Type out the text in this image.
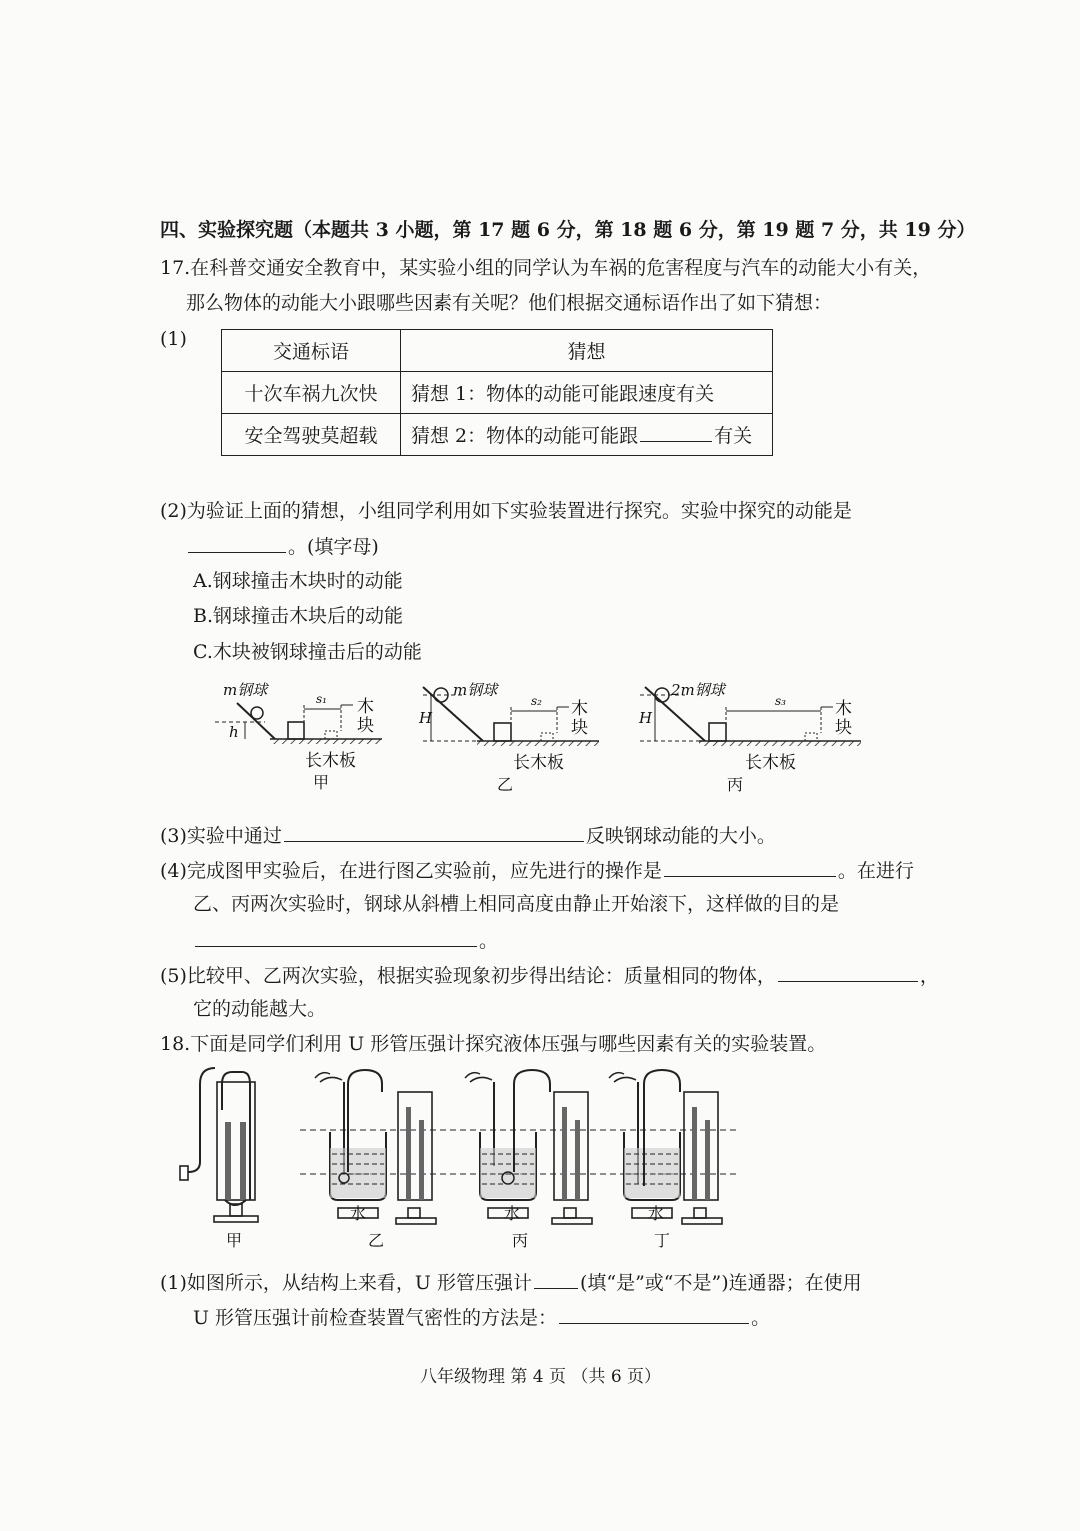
四、实验探究题（本题共 3 小题，第 17 题 6 分，第 18 题 6 分，第 19 题 7 分，共 19 分）
17.在科普交通安全教育中，某实验小组的同学认为车祸的危害程度与汽车的动能大小有关，
那么物体的动能大小跟哪些因素有关呢？他们根据交通标语作出了如下猜想：
(1)
交通标语	猜想
十次车祸九次快	猜想 1：物体的动能可能跟速度有关
安全驾驶莫超载	猜想 2：物体的动能可能跟 有关
(2)为验证上面的猜想，小组同学利用如下实验装置进行探究。实验中探究的动能是
。(填字母)
A.钢球撞击木块时的动能
B.钢球撞击木块后的动能
C.木块被钢球撞击后的动能
m钢球
h
s₁ 木
块
长木板
甲
m钢球
H
s₂ 木
块
长木板
乙
2m钢球
H
s₃	木
块
长木板
丙
(3)实验中通过	反映钢球动能的大小。
(4)完成图甲实验后，在进行图乙实验前，应先进行的操作是	。在进行
乙、丙两次实验时，钢球从斜槽上相同高度由静止开始滚下，这样做的目的是
。
(5)比较甲、乙两次实验，根据实验现象初步得出结论：质量相同的物体，	，
它的动能越大。
18.下面是同学们利用 U 形管压强计探究液体压强与哪些因素有关的实验装置。
甲
水
乙
水
丙
水
丁
(1)如图所示，从结构上来看，U 形管压强计	(填“是”或“不是”)连通器；在使用
U 形管压强计前检查装置气密性的方法是：	。
八年级物理 第 4 页 （共 6 页）
